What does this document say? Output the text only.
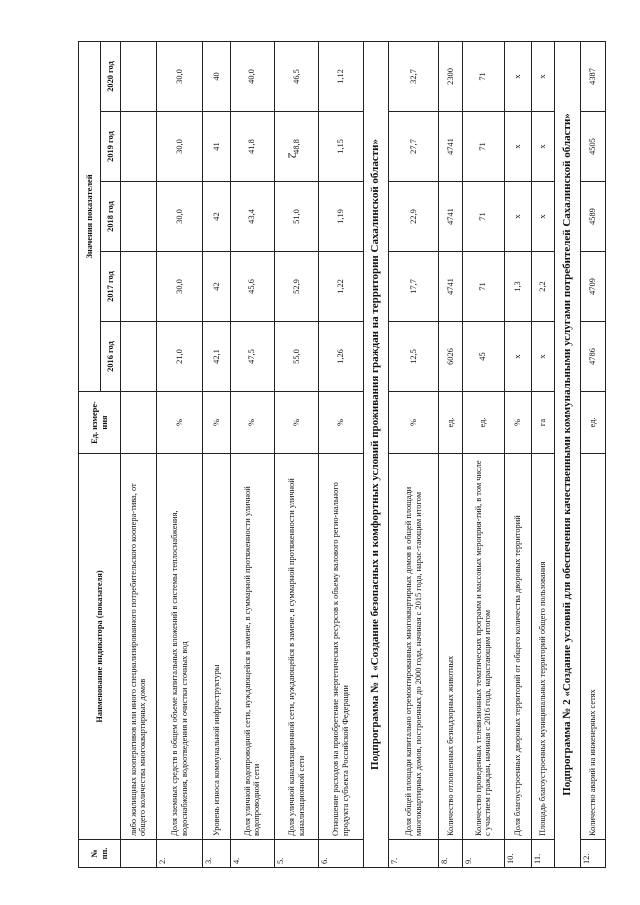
2
№ пп.	Наименование индикатора (показателя)	Ед. измере-ния	Значения показателей				
			2016 год	2017 год	2018 год	2019 год	2020 год
	либо жилищных кооперативов или иного специализированного потребительского коопера-тива, от общего количества многоквартирных домов						
2.	Доля заемных средств в общем объеме капитальных вложений в системы теплоснабжения, водоснабжения, водоотведения и очистки сточных вод	%	21,0	30,0	30,0	30,0	30,0
3.	Уровень износа коммунальной инфраструктуры	%	42,1	42	42	41	40
4.	Доля уличной водопроводной сети, нуждающейся в замене, в суммарной протяженности уличной водопроводной сети	%	47,5	45,6	43,4	41,8	40,0
5.	Доля уличной канализационной сети, нуждающейся в замене, в суммарной протяженности уличной канализационной сети	%	55,0	52,9	51,0	48,8	46,5
6.	Отношение расходов на приобретение энергетических ресурсов к объему валового регио-нального продукта субъекта Российской Федерации	%	1,26	1,22	1,19	1,15	1,12
Подпрограмма № 1 «Создание безопасных и комфортных условий проживания граждан на территории Сахалинской области»							
7.	Доля общей площади капитально отремонтированных многоквартирных домов в общей площади многоквартирных домов, построенных до 2000 года, начиная с 2015 года, нарас-тающим итогом	%	12,5	17,7	22,9	27,7	32,7
8.	Количество отловленных безнадзорных животных	ед.	6026	4741	4741	4741	2300
9.	Количество проведенных телевизионных тематических программ и массовых мероприя-тий, в том числе с участием граждан, начиная с 2016 года, нарастающим итогом	ед.	45	71	71	71	71
10.	Доля благоустроенных дворовых территорий от общего количества дворовых территорий	%	х	1,3	х	х	х
11.	Площадь благоустроенных муниципальных территорий общего пользования	га	х	2,2	х	х	х
Подпрограмма № 2 «Создание условий для обеспечения качественными коммунальными услугами потребителей Сахалинской области»							
12.	Количество аварий на инженерных сетях	ед.	4786	4709	4589	4505	4387
